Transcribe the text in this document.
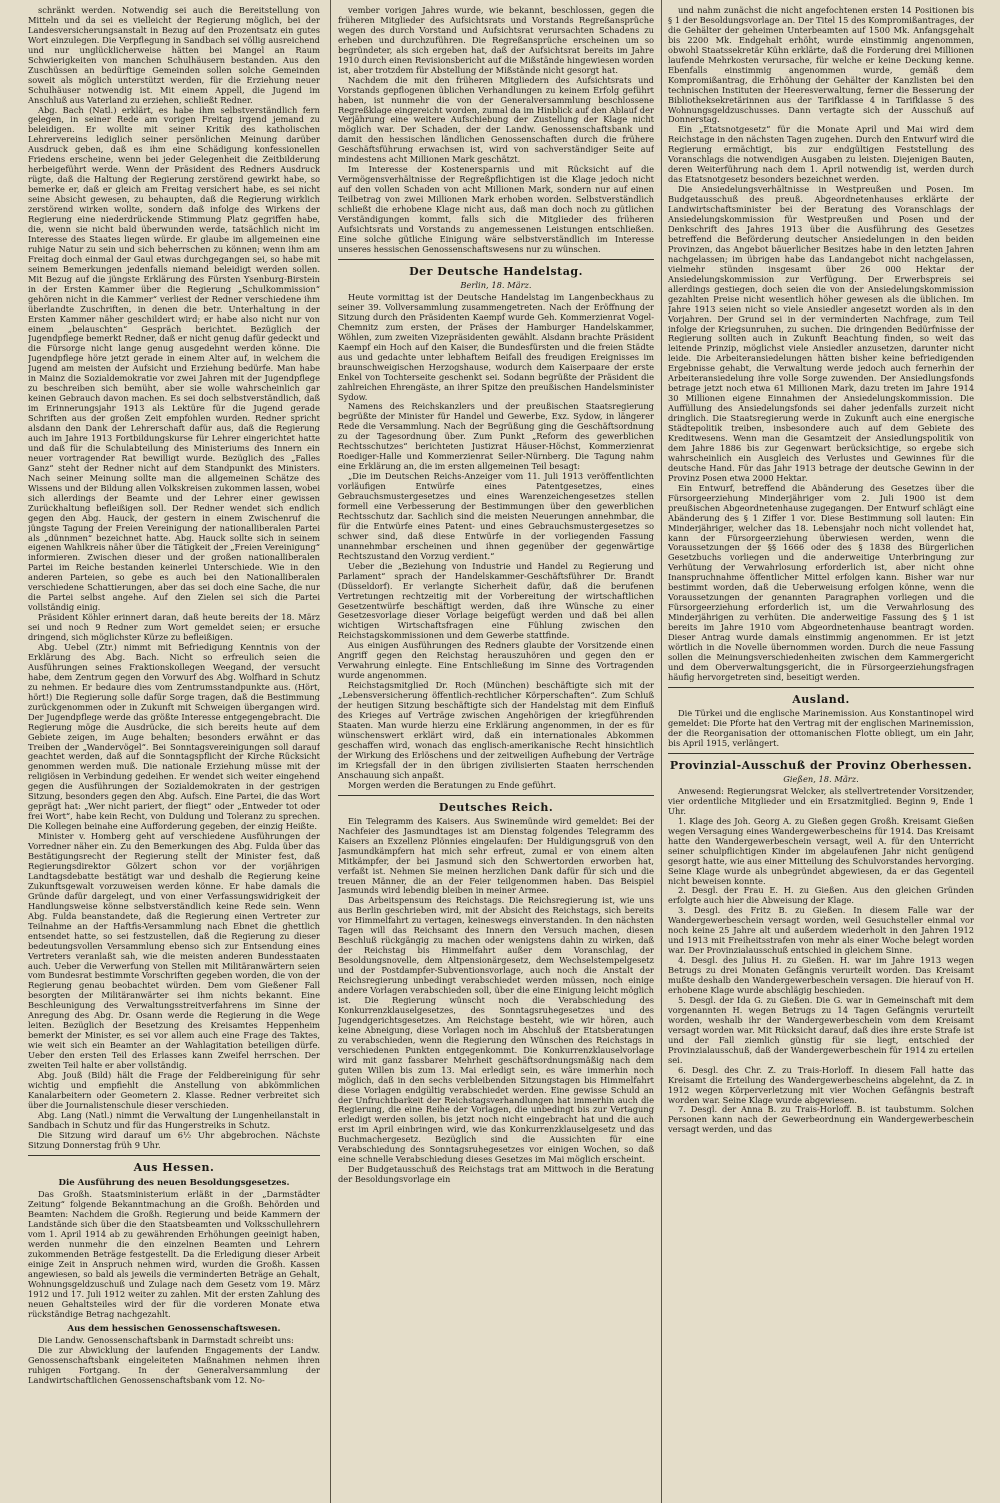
schränkt werden. Notwendig sei auch die Bereitstellung von Mitteln und da sei es vielleicht der Regierung möglich, bei der Landesversicherungsanstalt in Bezug auf den Prozentsatz ein gutes Wort einzulegen. Die Verpflegung in Sandbach sei völlig ausreichend und nur unglücklicherweise hätten bei Mangel an Raum Schwierigkeiten von manchen Schulhäusern bestanden. Aus den Zuschüssen an bedürftige Gemeinden sollen solche Gemeinden soweit als möglich unterstützt werden, für die Erziehung neuer Schulhäuser notwendig ist. Mit einem Appell, die Jugend im Anschluß aus Vaterland zu erziehen, schließt Redner.

Abg. Bach (Natl.) erklärt, es habe ihm selbstverständlich fern gelegen, in seiner Rede am vorigen Freitag irgend jemand zu beleidigen. Er wollte mit seiner Kritik des katholischen Lehrervereins lediglich seiner persönlichen Meinung darüber Ausdruck geben, daß es ihm eine Schädigung konfessionellen Friedens erscheine, wenn bei jeder Gelegenheit die Zeitbilderung herbeigeführt werde. Wenn der Präsident des Redners Ausdruck rügte, daß die Haltung der Regierung zerstörend gewirkt habe, so bemerke er, daß er gleich am Freitag versichert habe, es sei nicht seine Absicht gewesen, zu behaupten, daß die Regierung wirklich zerstörend wirken wollte, sondern daß infolge des Wirkens der Regierung eine niederdrückende Stimmung Platz gegriffen habe, die, wenn sie nicht bald überwunden werde, tatsächlich nicht im Interesse des Staates liegen würde. Er glaube im allgemeinen eine ruhige Natur zu sein und sich beherrschen zu können; wenn ihm am Freitag doch einmal der Gaul etwas durchgegangen sei, so habe mit seinem Bemerkungen jedenfalls niemand beleidigt werden sollen. Mit Bezug auf die jüngste Erklärung des Fürsten Ysenburg-Birstein in der Ersten Kammer über die Regierung „Schulkommission“ gehören nicht in die Kammer“ verliest der Redner verschiedene ihm überlandte Zuschriften, in denen die betr. Unterhaltung in der Ersten Kammer näher geschildert wird; er habe also nicht nur von einem „belauschten“ Gespräch berichtet. Bezüglich der Jugendpflege bemerkt Redner, daß er nicht genug dafür gedeckt und die Fürsorge nicht lange genug ausgedehnt werden könne. Die Jugendpflege höre jetzt gerade in einem Alter auf, in welchem die Jugend am meisten der Aufsicht und Erziehung bedürfe. Man habe in Mainz die Sozialdemokratie vor zwei Jahren mit der Jugendpflege zu beschreiben sich bemüht, aber sie wolle wahrscheinlich gar keinen Gebrauch davon machen. Es sei doch selbstverständlich, daß im Erinnerungsjahr 1913 als Lektüre für die Jugend gerade Schriften aus der großen Zeit empfohlen wurden. Redner spricht alsdann den Dank der Lehrerschaft dafür aus, daß die Regierung auch im Jahre 1913 Fortbildungskurse für Lehrer eingerichtet hatte und daß für die Schulabteilung des Ministeriums des Innern ein neuer vortragender Rat bewilligt wurde. Bezüglich des „Falles Ganz“ steht der Redner nicht auf dem Standpunkt des Ministers. Nach seiner Meinung sollte man die allgemeinen Schätze des Wissens und der Bildung allen Volkskreisen zukommen lassen, wobei sich allerdings der Beamte und der Lehrer einer gewissen Zurückhaltung befleißigen soll. Der Redner wendet sich endlich gegen den Abg. Hauck, der gestern in einem Zwischenruf die jüngste Tagung der Freien Vereinigung der nationalliberalen Partei als „dünnmen“ bezeichnet hatte. Abg. Hauck sollte sich in seinem eigenen Wahlkreis näher über die Tätigkeit der „Freien Vereinigung“ informieren. Zwischen dieser und der großen nationalliberalen Partei im Reiche bestanden keinerlei Unterschiede. Wie in den anderen Parteien, so gebe es auch bei den Nationalliberalen verschiedene Schattierungen, aber das sei doch eine Sache, die nur die Partei selbst angehe. Auf den Zielen sei sich die Partei vollständig einig.

Präsident Köhler erinnert daran, daß heute bereits der 18. März sei und noch 9 Redner zum Wort gemeldet seien; er ersuche dringend, sich möglichster Kürze zu befleißigen.

Abg. Uebel (Ztr.) nimmt mit Befriedigung Kenntnis von der Erklärung des Abg. Bach. Nicht so erfreulich seien die Ausführungen seines Fraktionskollegen Weegand, der versucht habe, dem Zentrum gegen den Vorwurf des Abg. Wolfhard in Schutz zu nehmen. Er bedaure dies vom Zentrumsstandpunkte aus. (Hört, hört!) Die Regierung solle dafür Sorge tragen, daß die Bestimmung zurückgenommen oder in Zukunft mit Schweigen übergangen wird. Der Jugendpflege werde das größte Interesse entgegengebracht. Die Regierung möge die Ausdrücke, die sich bereits heute auf dem Gebiete zeigen, im Auge behalten; besonders erwähnt er das Treiben der „Wandervögel“. Bei Sonntagsvereinigungen soll darauf geachtet werden, daß auf die Sonntagspflicht der Kirche Rücksicht genommen werden muß. Die nationale Erziehung müsse mit der religiösen in Verbindung gedeihen. Er wendet sich weiter eingehend gegen die Ausführungen der Sozialdemokraten in der gestrigen Sitzung, besonders gegen den Abg. Aufsch. Eine Partei, die das Wort geprägt hat: „Wer nicht pariert, der fliegt“ oder „Entweder tot oder frei Wort“, habe kein Recht, von Duldung und Toleranz zu sprechen. Die Kollegen beinahe eine Aufforderung gegeben, der einzig Heißte.

Minister v. Homberg geht auf verschiedene Ausführungen der Vorredner näher ein. Zu den Bemerkungen des Abg. Fulda über das Bestätigungsrecht der Regierung stellt der Minister fest, daß Regierungsdirektor Gölzert schon vor der vorjährigen Landtagsdebatte bestätigt war und deshalb die Regierung keine Zukunftsgewalt vorzuweisen werden könne. Er habe damals die Gründe dafür dargelegt, und von einer Verfassungswidrigkeit der Handlungsweise könne selbstverständlich keine Rede sein. Wenn Abg. Fulda beanstandete, daß die Regierung einen Vertreter zur Teilnahme an der Haftfis-Versammlung nach Ebnet die ghettlich entsendet hatte, so sei festzustellen, daß die Regierung zu dieser bedeutungsvollen Versammlung ebenso sich zur Entsendung eines Vertreters veranlaßt sah, wie die meisten anderen Bundesstaaten auch. Ueber die Verwerfung von Stellen mit Militäranwärtern seien vom Bundesrat bestimmte Vorschriften gegeben worden, die von der Regierung genau beobachtet würden. Dem vom Gießener Fall besorgten der Militäranwärter sei ihm nichts bekannt. Eine Beschleunigung des Verwaltungsstreitverfahrens im Sinne der Anregung des Abg. Dr. Osann werde die Regierung in die Wege leiten. Bezüglich der Besetzung des Kreisamtes Heppenheim bemerkt der Minister, es sei vor allem auch eine Frage des Taktes, wie weit sich ein Beamter an der Wahlagitation beteiligen dürfe. Ueber den ersten Teil des Erlasses kann Zweifel herrschen. Der zweiten Teil halte er aber vollständig.

Abg. Jouß (Bild) hält die Frage der Feldbereinigung für sehr wichtig und empfiehlt die Anstellung von abkömmlichen Kanalarbeitern oder Geometern 2. Klasse. Redner verbreitet sich über die Journalistenschule dieser verschieden.

Abg. Lang (Natl.) nimmt die Verwaltung der Lungenheilanstalt in Sandbach in Schutz und für das Hungerstreiks in Schutz.

Die Sitzung wird darauf um 6½ Uhr abgebrochen. Nächste Sitzung Donnerstag früh 9 Uhr.

Aus Hessen.
Die Ausführung des neuen Besoldungsgesetzes.

Das Großh. Staatsministerium erläßt in der „Darmstädter Zeitung“ folgende Bekanntmachung an die Großh. Behörden und Beamten: Nachdem die Großh. Regierung und beide Kammern der Landstände sich über die den Staatsbeamten und Volksschullehrern vom 1. April 1914 ab zu gewährenden Erhöhungen geeinigt haben, werden nunmehr die den einzelnen Beamten und Lehrern zukommenden Beträge festgestellt. Da die Erledigung dieser Arbeit einige Zeit in Anspruch nehmen wird, wurden die Großh. Kassen angewiesen, so bald als jeweils die verminderten Beträge an Gehalt, Wohnungsgeldzuschuß und Zulage nach dem Gesetz vom 19. März 1912 und 17. Juli 1912 weiter zu zahlen. Mit der ersten Zahlung des neuen Gehaltsteiles wird der für die vorderen Monate etwa rückständige Betrag nachgezahlt.

Aus dem hessischen Genossenschaftswesen.

Die Landw. Genossenschaftsbank in Darmstadt schreibt uns:

Die zur Abwicklung der laufenden Engagements der Landw. Genossenschaftsbank eingeleiteten Maßnahmen nehmen ihren ruhigen Fortgang. In der Generalversammlung der Landwirtschaftlichen Genossenschaftsbank vom 12. No-

vember vorigen Jahres wurde, wie bekannt, beschlossen, gegen die früheren Mitglieder des Aufsichtsrats und Vorstands Regreßansprüche wegen des durch Vorstand und Aufsichtsrat verursachten Schadens zu erheben und durchzuführen. Die Regreßansprüche erscheinen um so begründeter, als sich ergeben hat, daß der Aufsichtsrat bereits im Jahre 1910 durch einen Revisionsbericht auf die Mißstände hingewiesen worden ist, aber trotzdem für Abstellung der Mißstände nicht gesorgt hat.

Nachdem die mit den früheren Mitgliedern des Aufsichtsrats und Vorstands gepflogenen üblichen Verhandlungen zu keinem Erfolg geführt haben, ist nunmehr die von der Generalversammlung beschlossene Regreßklage eingereicht worden, zumal da im Hinblick auf den Ablauf der Verjährung eine weitere Aufschiebung der Zustellung der Klage nicht möglich war. Der Schaden, der der Landw. Genossenschaftsbank und damit den hessischen ländlichen Genossenschaften durch die frühere Geschäftsführung erwachsen ist, wird von sachverständiger Seite auf mindestens acht Millionen Mark geschätzt.

Im Interesse der Kostenersparnis und mit Rücksicht auf die Vermögensverhältnisse der Regreßpflichtigen ist die Klage jedoch nicht auf den vollen Schaden von acht Millionen Mark, sondern nur auf einen Teilbetrag von zwei Millionen Mark erhoben worden. Selbstverständlich schließt die erhobene Klage nicht aus, daß man doch noch zu gütlichen Verständigungen kommt, falls sich die Mitglieder des früheren Aufsichtsrats und Vorstands zu angemessenen Leistungen entschließen. Eine solche gütliche Einigung wäre selbstverständlich im Interesse unseres hessischen Genossenschaftswesens nur zu wünschen.

Der Deutsche Handelstag.
Berlin, 18. März.

Heute vormittag ist der Deutsche Handelstag im Langenbeckhaus zu seiner 39. Vollversammlung zusammengetreten. Nach der Eröffnung der Sitzung durch den Präsidenten Kaempf wurde Geh. Kommerzienrat Vogel-Chemnitz zum ersten, der Präses der Hamburger Handelskammer, Wöhlen, zum zweiten Vizepräsidenten gewählt. Alsdann brachte Präsident Kaempf ein Hoch auf den Kaiser, die Bundesfürsten und die freien Städte aus und gedachte unter lebhaftem Beifall des freudigen Ereignisses im braunschweigischen Herzogshause, wodurch dem Kaiserpaare der erste Enkel von Tochterseite geschenkt sei. Sodann begrüßte der Präsident die zahlreichen Ehrengäste, an ihrer Spitze den preußischen Handelsminister Sydow.

Namens des Reichskanzlers und der preußischen Staatsregierung begrüßte der Minister für Handel und Gewerbe, Exz. Sydow, in längerer Rede die Versammlung. Nach der Begrüßung ging die Geschäftsordnung zu der Tagesordnung über. Zum Punkt „Reform des gewerblichen Rechtsschutzes“ berichteten Justizrat Häuser-Höchst, Kommerzienrat Roediger-Halle und Kommerzienrat Seiler-Nürnberg. Die Tagung nahm eine Erklärung an, die im ersten allgemeinen Teil besagt:

„Die im Deutschen Reichs-Anzeiger vom 11. Juli 1913 veröffentlichten vorläufigen Entwürfe eines Patentgesetzes, eines Gebrauchsmustergesetzes und eines Warenzeichengesetzes stellen formell eine Verbesserung der Bestimmungen über den gewerblichen Rechtsschutz dar. Sachlich sind die meisten Neuerungen annehmbar, die für die Entwürfe eines Patent- und eines Gebrauchsmustergesetzes so schwer sind, daß diese Entwürfe in der vorliegenden Fassung unannehmbar erscheinen und ihnen gegenüber der gegenwärtige Rechtszustand den Vorzug verdient.“

Ueber die „Beziehung von Industrie und Handel zu Regierung und Parlament“ sprach der Handelskammer-Geschäftsführer Dr. Brandt (Düsseldorf). Er verlangte Sicherheit dafür, daß die berufenen Vertretungen rechtzeitig mit der Vorbereitung der wirtschaftlichen Gesetzentwürfe beschäftigt werden, daß ihre Wünsche zu einer Gesetzesvorlage dieser Vorlage beigefügt werden und daß bei allen wichtigen Wirtschaftsfragen eine Fühlung zwischen den Reichstagskommissionen und dem Gewerbe stattfinde.

Aus einigen Ausführungen des Redners glaubte der Vorsitzende einen Angriff gegen den Reichstag herauszuhören und gegen den er Verwahrung einlegte. Eine Entschließung im Sinne des Vortragenden wurde angenommen.

Reichstagsmitglied Dr. Roch (München) beschäftigte sich mit der „Lebensversicherung öffentlich-rechtlicher Körperschaften“. Zum Schluß der heutigen Sitzung beschäftigte sich der Handelstag mit dem Einfluß des Krieges auf Verträge zwischen Angehörigen der kriegführenden Staaten. Man wurde hierzu eine Erklärung angenommen, in der es für wünschenswert erklärt wird, daß ein internationales Abkommen geschaffen wird, wonach das englisch-amerikanische Recht hinsichtlich der Wirkung des Erlöschens und der zeitweiligen Aufhebung der Verträge im Kriegsfall der in den übrigen zivilisierten Staaten herrschenden Anschauung sich anpaßt.

Morgen werden die Beratungen zu Ende geführt.

Deutsches Reich.

Ein Telegramm des Kaisers. Aus Swinemünde wird gemeldet: Bei der Nachfeier des Jasmundtages ist am Dienstag folgendes Telegramm des Kaisers an Exzellenz Plönnies eingelaufen: Der Huldigungsgruß von den Jasmundkämpfern hat mich sehr erfreut, zumal er von einem alten Mitkämpfer, der bei Jasmund sich den Schwertorden erworben hat, verfaßt ist. Nehmen Sie meinen herzlichen Dank dafür für sich und die treuen Männer, die an der Feier teilgenommen haben. Das Beispiel Jasmunds wird lebendig bleiben in meiner Armee.

Das Arbeitspensum des Reichstags. Die Reichsregierung ist, wie uns aus Berlin geschrieben wird, mit der Absicht des Reichstags, sich bereits vor Himmelfahrt zu vertagen, keineswegs einverstanden. In den nächsten Tagen will das Reichsamt des Innern den Versuch machen, diesen Beschluß rückgängig zu machen oder wenigstens dahin zu wirken, daß der Reichstag bis Himmelfahrt außer dem Voranschlag, der Besoldungsnovelle, dem Altpensionärgesetz, dem Wechselstempelgesetz und der Postdampfer-Subventionsvorlage, auch noch die Anstalt der Reichsregierung unbedingt verabschiedet werden müssen, noch einige andere Vorlagen verabschieden soll, über die eine Einigung leicht möglich ist. Die Regierung wünscht noch die Verabschiedung des Konkurrenzklauselgesetzes, des Sonntagsruhegesetzes und des Jugendgerichtsgesetzes. Am Reichstage besteht, wie wir hören, auch keine Abneigung, diese Vorlagen noch im Abschluß der Etatsberatungen zu verabschieden, wenn die Regierung den Wünschen des Reichstags in verschiedenen Punkten entgegenkommt. Die Konkurrenzklauselvorlage wird mit ganz fassbarer Mehrheit geschäftsordnungsmäßig nach dem guten Willen bis zum 13. Mai erledigt sein, es wäre immerhin noch möglich, daß in den sechs verbleibenden Sitzungstagen bis Himmelfahrt diese Vorlagen endgültig verabschiedet werden. Eine gewisse Schuld an der Unfruchtbarkeit der Reichstagsverhandlungen hat immerhin auch die Regierung, die eine Reihe der Vorlagen, die unbedingt bis zur Vertagung erledigt werden sollen, bis jetzt noch nicht eingebracht hat und die auch erst im April einbringen wird, wie das Konkurrenzklauselgesetz und das Buchmachergesetz. Bezüglich sind die Aussichten für eine Verabschiedung des Sonntagsruhegesetzes vor einigen Wochen, so daß eine schnelle Verabschiedung dieses Gesetzes im Mai möglich erscheint.

Der Budgetausschuß des Reichstags trat am Mittwoch in die Beratung der Besoldungsvorlage ein

und nahm zunächst die nicht angefochtenen ersten 14 Positionen bis § 1 der Besoldungsvorlage an. Der Titel 15 des Kompromißantrages, der die Gehälter der geheimen Unterbeamten auf 1500 Mk. Anfangsgehalt bis 2200 Mk. Endgehalt erhöht, wurde einstimmig angenommen, obwohl Staatssekretär Kühn erklärte, daß die Forderung drei Millionen laufende Mehrkosten verursache, für welche er keine Deckung kenne. Ebenfalls einstimmig angenommen wurde, gemäß dem Kompromißantrag, die Erhöhung der Gehälter der Kanzlisten bei den technischen Instituten der Heeresverwaltung, ferner die Besserung der Bibliotheksekretärinnen aus der Tarifklasse 4 in Tarifklasse 5 des Wohnungsgeldzuschusses. Dann vertagte sich der Ausschuß auf Donnerstag.

Ein „Etatsnotgesetz“ für die Monate April und Mai wird dem Reichstage in den nächsten Tagen zugehen. Durch den Entwurf wird die Regierung ermächtigt, bis zur endgültigen Feststellung des Voranschlags die notwendigen Ausgaben zu leisten. Diejenigen Bauten, deren Weiterführung nach dem 1. April notwendig ist, werden durch das Etatsnotgesetz besonders bezeichnet werden.

Die Ansiedelungsverhältnisse in Westpreußen und Posen. Im Budgetausschuß des preuß. Abgeordnetenhauses erklärte der Landwirtschaftsminister bei der Beratung des Voranschlags der Ansiedelungskommission für Westpreußen und Posen und der Denkschrift des Jahres 1913 über die Ausführung des Gesetzes betreffend die Beförderung deutscher Ansiedelungen in den beiden Provinzen, das Angebot bäuerlicher Besitzes habe in den letzten Jahren nachgelassen; im übrigen habe das Landangebot nicht nachgelassen, vielmehr stünden insgesamt über 26 000 Hektar der Ansiedelungskommission zur Verfügung. Der Erwerbspreis sei allerdings gestiegen, doch seien die von der Ansiedelungskommission gezahlten Preise nicht wesentlich höher gewesen als die üblichen. Im Jahre 1913 seien nicht so viele Ansiedler angesetzt worden als in den Vorjahren. Der Grund sei in der verminderten Nachfrage, zum Teil infolge der Kriegsunruhen, zu suchen. Die dringenden Bedürfnisse der Regierung sollten auch in Zukunft Beachtung finden, so weit das leitende Prinzip, möglichst viele Ansiedler anzusetzen, darunter nicht leide. Die Arbeiteransiedelungen hätten bisher keine befriedigenden Ergebnisse gehabt, die Verwaltung werde jedoch auch fernerhin der Arbeiteransiedelung ihre volle Sorge zuwenden. Der Ansiedlungsfonds betrage jetzt noch etwa 61 Millionen Mark, dazu treten im Jahre 1914 30 Millionen eigene Einnahmen der Ansiedelungskommission. Die Auffüllung des Ansiedelungsfonds sei daher jedenfalls zurzeit nicht dringlich. Die Staatsregierung werde in Zukunft auch eine energische Städtepolitik treiben, insbesondere auch auf dem Gebiete des Kreditwesens. Wenn man die Gesamtzeit der Ansiedlungspolitik von dem Jahre 1886 bis zur Gegenwart berücksichtige, so ergebe sich wahrscheinlich ein Ausgleich des Verlustes und Gewinnes für die deutsche Hand. Für das Jahr 1913 betrage der deutsche Gewinn in der Provinz Posen etwa 2000 Hektar.

Ein Entwurf, betreffend die Abänderung des Gesetzes über die Fürsorgeerziehung Minderjähriger vom 2. Juli 1900 ist dem preußischen Abgeordnetenhause zugegangen. Der Entwurf schlägt eine Abänderung des § 1 Ziffer 1 vor. Diese Bestimmung soll lauten: Ein Minderjähriger, welcher das 18. Lebensjahr noch nicht vollendet hat, kann der Fürsorgeerziehung überwiesen werden, wenn die Voraussetzungen der §§ 1666 oder des § 1838 des Bürgerlichen Gesetzbuchs vorliegen und die anderweitige Unterbringung zur Verhütung der Verwahrlosung erforderlich ist, aber nicht ohne Inanspruchnahme öffentlicher Mittel erfolgen kann. Bisher war nur bestimmt worden, daß die Ueberweisung erfolgen könne, wenn die Voraussetzungen der genannten Paragraphen vorliegen und die Fürsorgeerziehung erforderlich ist, um die Verwahrlosung des Minderjährigen zu verhüten. Die anderweitige Fassung des § 1 ist bereits im Jahre 1910 vom Abgeordnetenhause beantragt worden. Dieser Antrag wurde damals einstimmig angenommen. Er ist jetzt wörtlich in die Novelle übernommen worden. Durch die neue Fassung sollen die Meinungsverschiedenheiten zwischen dem Kammergericht und dem Oberverwaltungsgericht, die in Fürsorgeerziehungsfragen häufig hervorgetreten sind, beseitigt werden.

Ausland.

Die Türkei und die englische Marinemission. Aus Konstantinopel wird gemeldet: Die Pforte hat den Vertrag mit der englischen Marinemission, der die Reorganisation der ottomanischen Flotte obliegt, um ein Jahr, bis April 1915, verlängert.

Provinzial-Ausschuß der Provinz Oberhessen.
Gießen, 18. März.

Anwesend: Regierungsrat Welcker, als stellvertretender Vorsitzender, vier ordentliche Mitglieder und ein Ersatzmitglied. Beginn 9, Ende 1 Uhr.

1. Klage des Joh. Georg A. zu Gießen gegen Großh. Kreisamt Gießen wegen Versagung eines Wandergewerbescheins für 1914. Das Kreisamt hatte den Wandergewerbeschein versagt, weil A. für den Unterricht seiner schulpflichtigen Kinder im abgelaufenen Jahr nicht genügend gesorgt hatte, wie aus einer Mitteilung des Schulvorstandes hervorging. Seine Klage wurde als unbegründet abgewiesen, da er das Gegenteil nicht beweisen konnte.

2. Desgl. der Frau E. H. zu Gießen. Aus den gleichen Gründen erfolgte auch hier die Abweisung der Klage.

3. Desgl. des Fritz B. zu Gießen. In diesem Falle war der Wandergewerbeschein versagt worden, weil Gesuchsteller einmal vor noch keine 25 Jahre alt und außerdem wiederholt in den Jahren 1912 und 1913 mit Freiheitsstrafen von mehr als einer Woche belegt worden war. Der Provinzialausschuß entschied in gleichem Sinne.

4. Desgl. des Julius H. zu Gießen. H. war im Jahre 1913 wegen Betrugs zu drei Monaten Gefängnis verurteilt worden. Das Kreisamt mußte deshalb den Wandergewerbeschein versagen. Die hierauf von H. erhobene Klage wurde abschlägig beschieden.

5. Desgl. der Ida G. zu Gießen. Die G. war in Gemeinschaft mit dem vorgenannten H. wegen Betrugs zu 14 Tagen Gefängnis verurteilt worden, weshalb ihr der Wandergewerbeschein vom dem Kreisamt versagt worden war. Mit Rücksicht darauf, daß dies ihre erste Strafe ist und der Fall ziemlich günstig für sie liegt, entschied der Provinzialausschuß, daß der Wandergewerbeschein für 1914 zu erteilen sei.

6. Desgl. des Chr. Z. zu Trais-Horloff. In diesem Fall hatte das Kreisamt die Erteilung des Wandergewerbescheins abgelehnt, da Z. in 1912 wegen Körperverletzung mit vier Wochen Gefängnis bestraft worden war. Seine Klage wurde abgewiesen.

7. Desgl. der Anna B. zu Trais-Horloff. B. ist taubstumm. Solchen Personen kann nach der Gewerbeordnung ein Wandergewerbeschein versagt werden, und das
